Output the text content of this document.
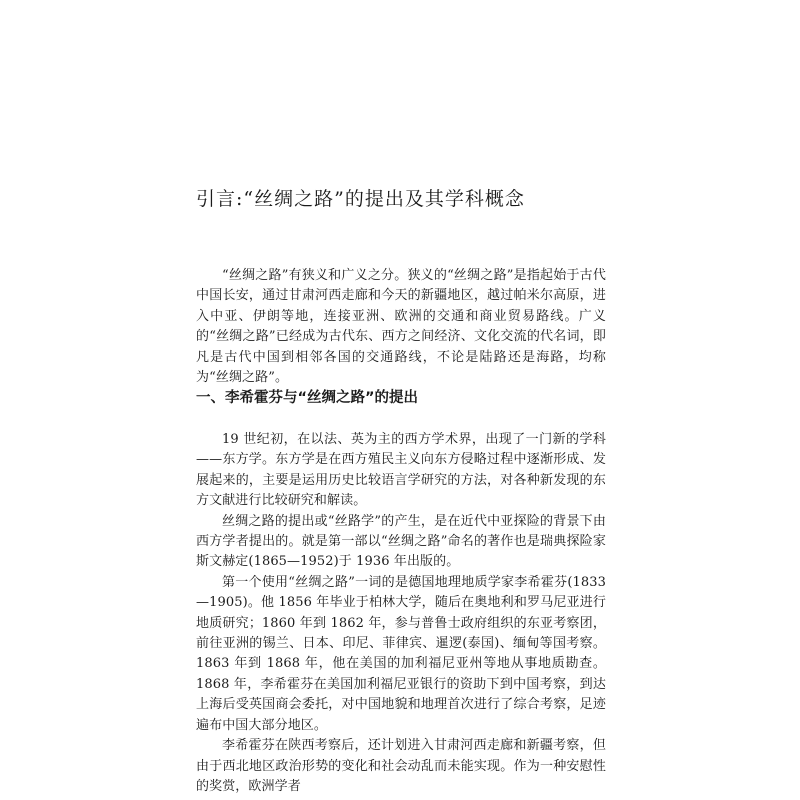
引言:“丝绸之路”的提出及其学科概念

“丝绸之路”有狭义和广义之分。狭义的“丝绸之路”是指起始于古代中国长安，通过甘肃河西走廊和今天的新疆地区，越过帕米尔高原，进入中亚、伊朗等地，连接亚洲、欧洲的交通和商业贸易路线。广义的“丝绸之路”已经成为古代东、西方之间经济、文化交流的代名词，即凡是古代中国到相邻各国的交通路线，不论是陆路还是海路，均称为“丝绸之路”。

一、李希霍芬与“丝绸之路”的提出

19 世纪初，在以法、英为主的西方学术界，出现了一门新的学科——东方学。东方学是在西方殖民主义向东方侵略过程中逐渐形成、发展起来的，主要是运用历史比较语言学研究的方法，对各种新发现的东方文献进行比较研究和解读。

丝绸之路的提出或“丝路学”的产生，是在近代中亚探险的背景下由西方学者提出的。就是第一部以“丝绸之路”命名的著作也是瑞典探险家斯文赫定(1865—1952)于 1936 年出版的。

第一个使用“丝绸之路”一词的是德国地理地质学家李希霍芬(1833—1905)。他 1856 年毕业于柏林大学，随后在奥地利和罗马尼亚进行地质研究；1860 年到 1862 年，参与普鲁士政府组织的东亚考察团，前往亚洲的锡兰、日本、印尼、菲律宾、暹逻(泰国)、缅甸等国考察。1863 年到 1868 年，他在美国的加利福尼亚州等地从事地质勘查。1868 年，李希霍芬在美国加利福尼亚银行的资助下到中国考察，到达上海后受英国商会委托，对中国地貌和地理首次进行了综合考察，足迹遍布中国大部分地区。

李希霍芬在陕西考察后，还计划进入甘肃河西走廊和新疆考察，但由于西北地区政治形势的变化和社会动乱而未能实现。作为一种安慰性的奖赏，欧洲学者
